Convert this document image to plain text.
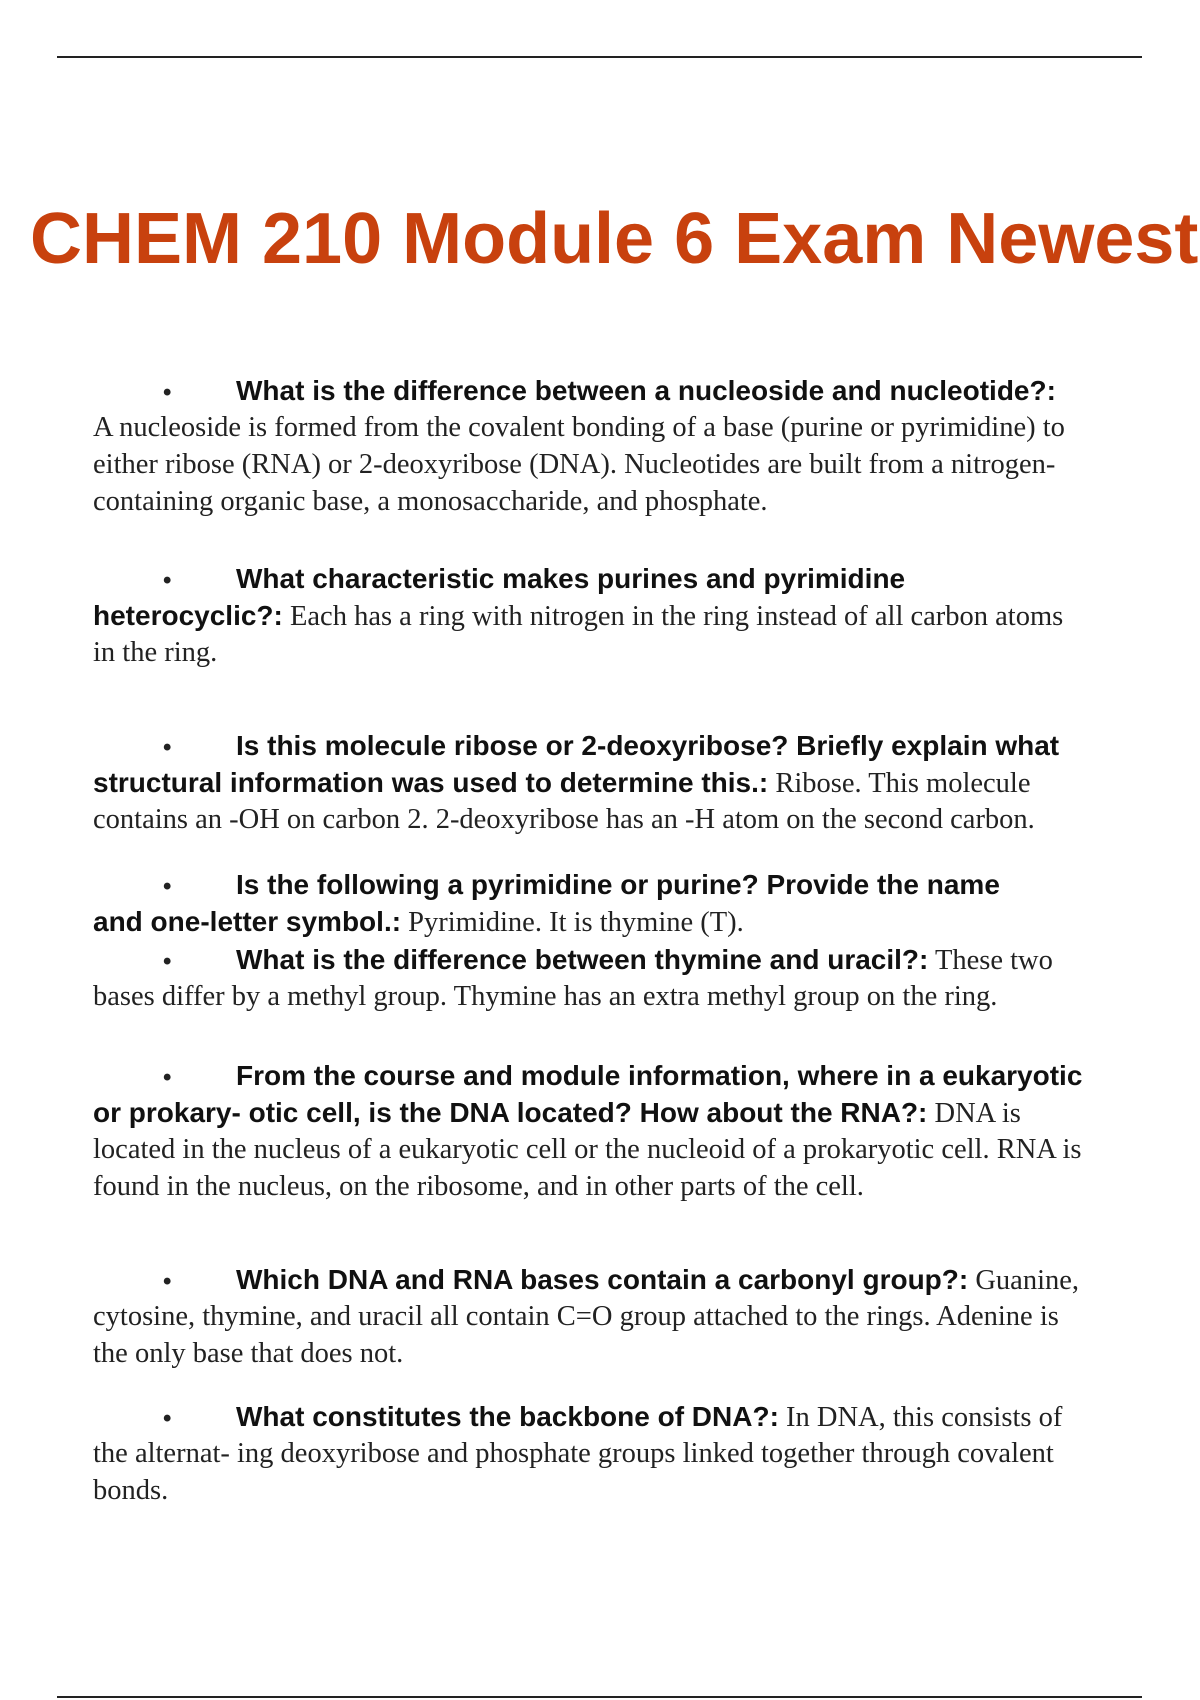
CHEM 210 Module 6 Exam Newest
• What is the difference between a nucleoside and nucleotide?:
A nucleoside is formed from the covalent bonding of a base (purine or pyrimidine) to
either ribose (RNA) or 2-deoxyribose (DNA). Nucleotides are built from a nitrogen-
containing organic base, a monosaccharide, and phosphate.
• What characteristic makes purines and pyrimidine
heterocyclic?: Each has a ring with nitrogen in the ring instead of all carbon atoms
in the ring.
• Is this molecule ribose or 2-deoxyribose? Briefly explain what
structural information was used to determine this.: Ribose. This molecule
contains an -OH on carbon 2. 2-deoxyribose has an -H atom on the second carbon.
• Is the following a pyrimidine or purine? Provide the name
and one-letter symbol.: Pyrimidine. It is thymine (T).
• What is the difference between thymine and uracil?: These two
bases differ by a methyl group. Thymine has an extra methyl group on the ring.
• From the course and module information, where in a eukaryotic
or prokary- otic cell, is the DNA located? How about the RNA?: DNA is
located in the nucleus of a eukaryotic cell or the nucleoid of a prokaryotic cell. RNA is
found in the nucleus, on the ribosome, and in other parts of the cell.
• Which DNA and RNA bases contain a carbonyl group?: Guanine,
cytosine, thymine, and uracil all contain C=O group attached to the rings. Adenine is
the only base that does not.
• What constitutes the backbone of DNA?: In DNA, this consists of
the alternat- ing deoxyribose and phosphate groups linked together through covalent
bonds.
